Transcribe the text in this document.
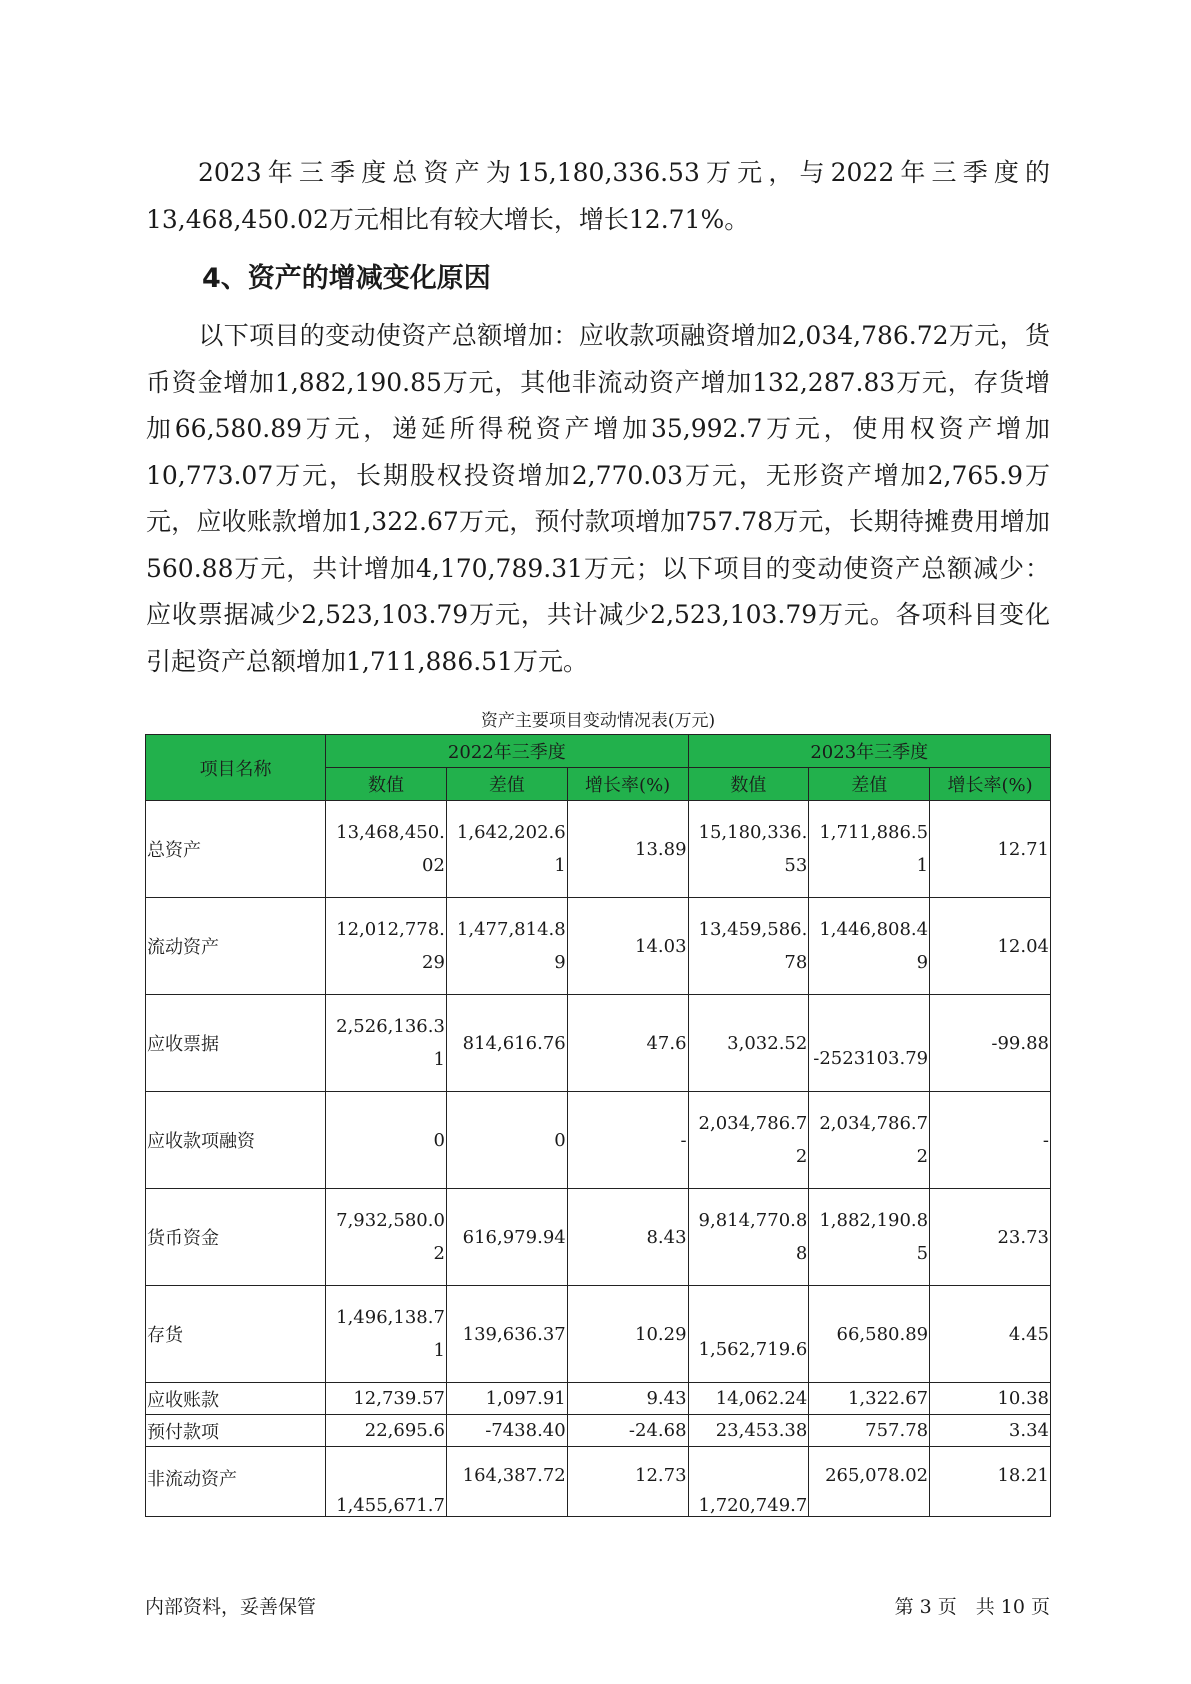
2023年三季度总资产为15,180,336.53万元，与2022年三季度的13,468,450.02万元相比有较大增长，增长12.71%。

4、资产的增减变化原因

以下项目的变动使资产总额增加：应收款项融资增加2,034,786.72万元，货币资金增加1,882,190.85万元，其他非流动资产增加132,287.83万元，存货增加66,580.89万元，递延所得税资产增加35,992.7万元，使用权资产增加10,773.07万元，长期股权投资增加2,770.03万元，无形资产增加2,765.9万元，应收账款增加1,322.67万元，预付款项增加757.78万元，长期待摊费用增加560.88万元，共计增加4,170,789.31万元；以下项目的变动使资产总额减少：应收票据减少2,523,103.79万元，共计减少2,523,103.79万元。各项科目变化引起资产总额增加1,711,886.51万元。

资产主要项目变动情况表(万元)
项目名称	2022年三季度			2023年三季度		
	数值	差值	增长率(%)	数值	差值	增长率(%)
总资产	13,468,450.02	1,642,202.61	13.89	15,180,336.53	1,711,886.51	12.71
流动资产	12,012,778.29	1,477,814.89	14.03	13,459,586.78	1,446,808.49	12.04
应收票据	2,526,136.31	814,616.76	47.6	3,032.52	-2523103.79	-99.88
应收款项融资	0	0	-	2,034,786.72	2,034,786.72	-
货币资金	7,932,580.02	616,979.94	8.43	9,814,770.88	1,882,190.85	23.73
存货	1,496,138.71	139,636.37	10.29	1,562,719.6	66,580.89	4.45
应收账款	12,739.57	1,097.91	9.43	14,062.24	1,322.67	10.38
预付款项	22,695.6	-7438.40	-24.68	23,453.38	757.78	3.34
非流动资产	1,455,671.7	164,387.72	12.73	1,720,749.7	265,078.02	18.21
内部资料，妥善保管	第 3 页　共 10 页
